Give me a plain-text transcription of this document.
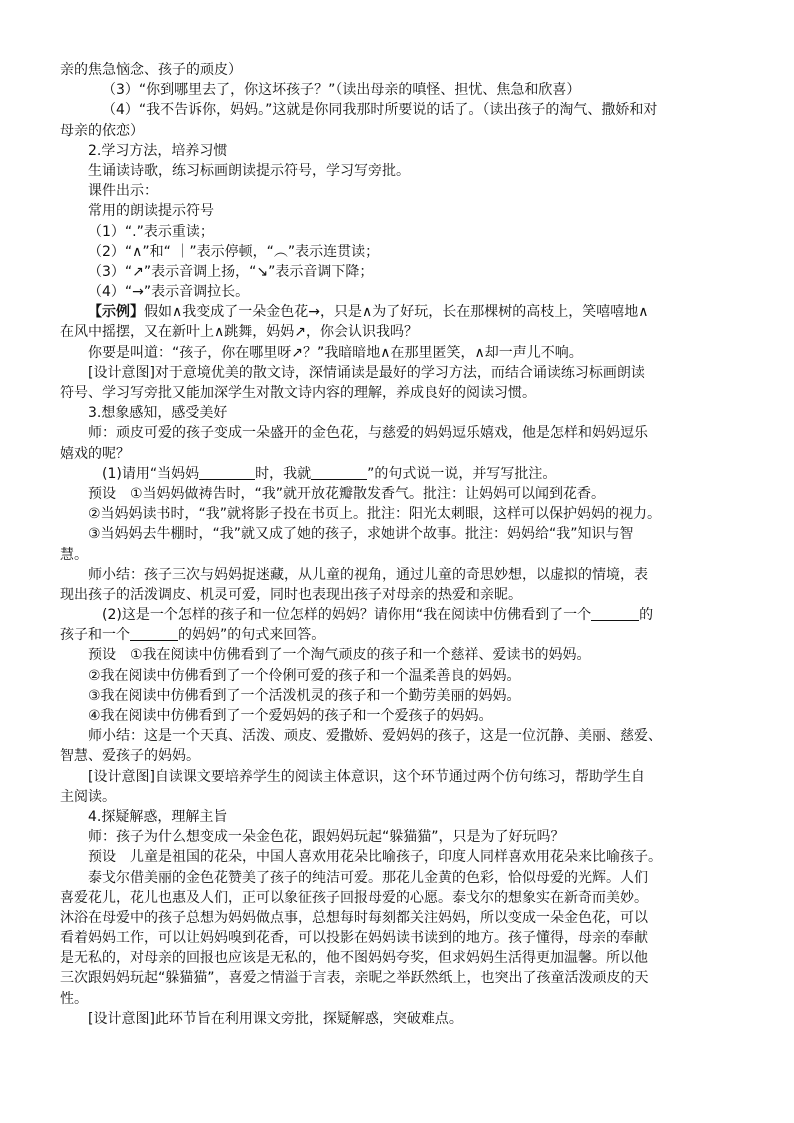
亲的焦急恼念、孩子的顽皮）
（3）“你到哪里去了，你这坏孩子？”（读出母亲的嗔怪、担忧、焦急和欣喜）
（4）“我不告诉你，妈妈。”这就是你同我那时所要说的话了。（读出孩子的淘气、撒娇和对
母亲的依恋）
2.学习方法，培养习惯
生诵读诗歌，练习标画朗读提示符号，学习写旁批。
课件出示：
常用的朗读提示符号
（1）“.”表示重读；
（2）“∧”和“ ｜”表示停顿，“︵”表示连贯读；
（3）“↗”表示音调上扬，“↘”表示音调下降；
（4）“→”表示音调拉长。
【示例】假如∧我变成了一朵金色花→，只是∧为了好玩，长在那棵树的高枝上，笑嘻嘻地∧
在风中摇摆，又在新叶上∧跳舞，妈妈↗，你会认识我吗？
你要是叫道：“孩子，你在哪里呀↗？”我暗暗地∧在那里匿笑，∧却一声儿不响。
[设计意图]对于意境优美的散文诗，深情诵读是最好的学习方法，而结合诵读练习标画朗读
符号、学习写旁批又能加深学生对散文诗内容的理解，养成良好的阅读习惯。
3.想象感知，感受美好
师：顽皮可爱的孩子变成一朵盛开的金色花，与慈爱的妈妈逗乐嬉戏，他是怎样和妈妈逗乐
嬉戏的呢？
(1)请用“当妈妈	时，我就	”的句式说一说，并写写批注。
预设　①当妈妈做祷告时，“我”就开放花瓣散发香气。批注：让妈妈可以闻到花香。
②当妈妈读书时，“我”就将影子投在书页上。批注：阳光太刺眼，这样可以保护妈妈的视力。
③当妈妈去牛棚时，“我”就又成了她的孩子，求她讲个故事。批注：妈妈给“我”知识与智
慧。
师小结：孩子三次与妈妈捉迷藏，从儿童的视角，通过儿童的奇思妙想，以虚拟的情境，表
现出孩子的活泼调皮、机灵可爱，同时也表现出孩子对母亲的热爱和亲昵。
(2)这是一个怎样的孩子和一位怎样的妈妈？请你用“我在阅读中仿佛看到了一个	的
孩子和一个	的妈妈”的句式来回答。
预设　①我在阅读中仿佛看到了一个淘气顽皮的孩子和一个慈祥、爱读书的妈妈。
②我在阅读中仿佛看到了一个伶俐可爱的孩子和一个温柔善良的妈妈。
③我在阅读中仿佛看到了一个活泼机灵的孩子和一个勤劳美丽的妈妈。
④我在阅读中仿佛看到了一个爱妈妈的孩子和一个爱孩子的妈妈。
师小结：这是一个天真、活泼、顽皮、爱撒娇、爱妈妈的孩子，这是一位沉静、美丽、慈爱、
智慧、爱孩子的妈妈。
[设计意图]自读课文要培养学生的阅读主体意识，这个环节通过两个仿句练习，帮助学生自
主阅读。
4.探疑解惑，理解主旨
师：孩子为什么想变成一朵金色花，跟妈妈玩起“躲猫猫”，只是为了好玩吗？
预设　儿童是祖国的花朵，中国人喜欢用花朵比喻孩子，印度人同样喜欢用花朵来比喻孩子。
泰戈尔借美丽的金色花赞美了孩子的纯洁可爱。那花儿金黄的色彩，恰似母爱的光辉。人们
喜爱花儿，花儿也惠及人们，正可以象征孩子回报母爱的心愿。泰戈尔的想象实在新奇而美妙。
沐浴在母爱中的孩子总想为妈妈做点事，总想每时每刻都关注妈妈，所以变成一朵金色花，可以
看着妈妈工作，可以让妈妈嗅到花香，可以投影在妈妈读书读到的地方。孩子懂得，母亲的奉献
是无私的，对母亲的回报也应该是无私的，他不图妈妈夸奖，但求妈妈生活得更加温馨。所以他
三次跟妈妈玩起“躲猫猫”，喜爱之情溢于言表，亲昵之举跃然纸上，也突出了孩童活泼顽皮的天
性。
[设计意图]此环节旨在利用课文旁批，探疑解惑，突破难点。
